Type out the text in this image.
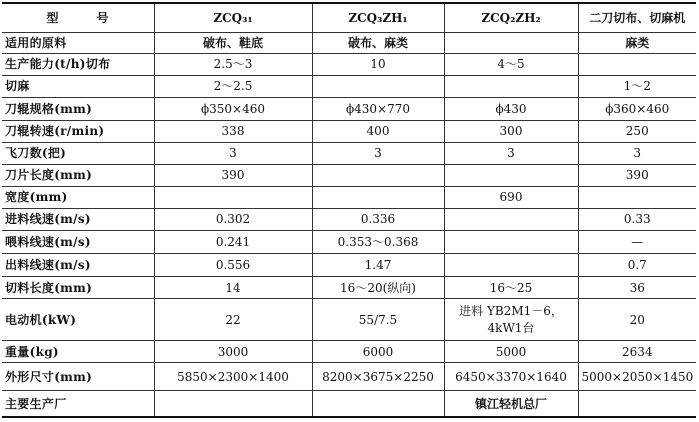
型　　　号	ZCQ₃₁	ZCQ₃ZH₁	ZCQ₂ZH₂	二刀切布、切麻机
适用的原料	破布、鞋底	破布、麻类		麻类
生产能力(t/h)切布	2.5～3	10	4～5	
切麻	2～2.5			1～2
刀辊规格(mm)	ϕ350×460	ϕ430×770	ϕ430	ϕ360×460
刀辊转速(r/min)	338	400	300	250
飞刀数(把)	3	3	3	3
刀片长度(mm)	390			390
宽度(mm)			690	
进料线速(m/s)	0.302	0.336		0.33
喂料线速(m/s)	0.241	0.353～0.368		—
出料线速(m/s)	0.556	1.47		0.7
切料长度(mm)	14	16～20(纵向)	16～25	36
电动机(kW)	22	55/7.5	进料 YB2M1－6， 4kW1台	20
重量(kg)	3000	6000	5000	2634
外形尺寸(mm)	5850×2300×1400	8200×3675×2250	6450×3370×1640	5000×2050×1450
主要生产厂			镇江轻机总厂	
